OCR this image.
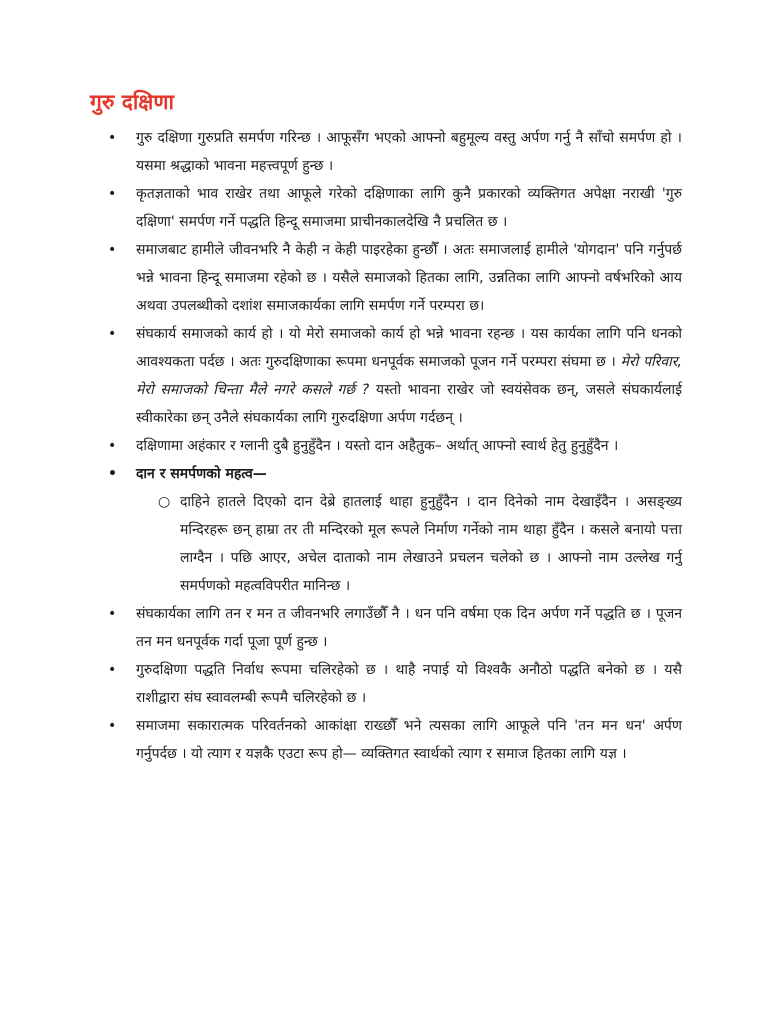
गुरु दक्षिणा
•	गुरु दक्षिणा गुरुप्रति समर्पण गरिन्छ । आफूसँग भएको आफ्नो बहुमूल्य वस्तु अर्पण गर्नु नै साँचो समर्पण हो । यसमा श्रद्धाको भावना महत्त्वपूर्ण हुन्छ ।
•	कृतज्ञताको भाव राखेर तथा आफूले गरेको दक्षिणाका लागि कुनै प्रकारको व्यक्तिगत अपेक्षा नराखी 'गुरु दक्षिणा' समर्पण गर्ने पद्धति हिन्दू समाजमा प्राचीनकालदेखि नै प्रचलित छ ।
•	समाजबाट हामीले जीवनभरि नै केही न केही पाइरहेका हुन्छौँ । अतः समाजलाई हामीले 'योगदान' पनि गर्नुपर्छ भन्ने भावना हिन्दू समाजमा रहेको छ । यसैले समाजको हितका लागि, उन्नतिका लागि आफ्नो वर्षभरिको आय अथवा उपलब्धीको दशांश समाजकार्यका लागि समर्पण गर्ने परम्परा छ।
•	संघकार्य समाजको कार्य हो । यो मेरो समाजको कार्य हो भन्ने भावना रहन्छ । यस कार्यका लागि पनि धनको आवश्यकता पर्दछ । अतः गुरुदक्षिणाका रूपमा धनपूर्वक समाजको पूजन गर्ने परम्परा संघमा छ । मेरो परिवार, मेरो समाजको चिन्ता मैले नगरे कसले गर्छ ? यस्तो भावना राखेर जो स्वयंसेवक छन्, जसले संघकार्यलाई स्वीकारेका छन् उनैले संघकार्यका लागि गुरुदक्षिणा अर्पण गर्दछन् ।
•	दक्षिणामा अहंकार र ग्लानी दुबै हुनुहुँदैन । यस्तो दान अहैतुक– अर्थात् आफ्नो स्वार्थ हेतु हुनुहुँदैन ।
•	दान र समर्पणको महत्व—
○ दाहिने हातले दिएको दान देब्रे हातलाई थाहा हुनुहुँदैन । दान दिनेको नाम देखाइँदैन । असङ्ख्य मन्दिरहरू छन् हाम्रा तर ती मन्दिरको मूल रूपले निर्माण गर्नेको नाम थाहा हुँदैन । कसले बनायो पत्ता लाग्दैन । पछि आएर, अचेल दाताको नाम लेखाउने प्रचलन चलेको छ । आफ्नो नाम उल्लेख गर्नु समर्पणको महत्वविपरीत मानिन्छ ।
•	संघकार्यका लागि तन र मन त जीवनभरि लगाउँछौँ नै । धन पनि वर्षमा एक दिन अर्पण गर्ने पद्धति छ । पूजन तन मन धनपूर्वक गर्दा पूजा पूर्ण हुन्छ ।
•	गुरुदक्षिणा पद्धति निर्वाध रूपमा चलिरहेको छ । थाहै नपाई यो विश्वकै अनौठो पद्धति बनेको छ । यसै राशीद्वारा संघ स्वावलम्बी रूपमै चलिरहेको छ ।
•	समाजमा सकारात्मक परिवर्तनको आकांक्षा राख्छौँ भने त्यसका लागि आफूले पनि 'तन मन धन' अर्पण गर्नुपर्दछ । यो त्याग र यज्ञकै एउटा रूप हो— व्यक्तिगत स्वार्थको त्याग र समाज हितका लागि यज्ञ ।
